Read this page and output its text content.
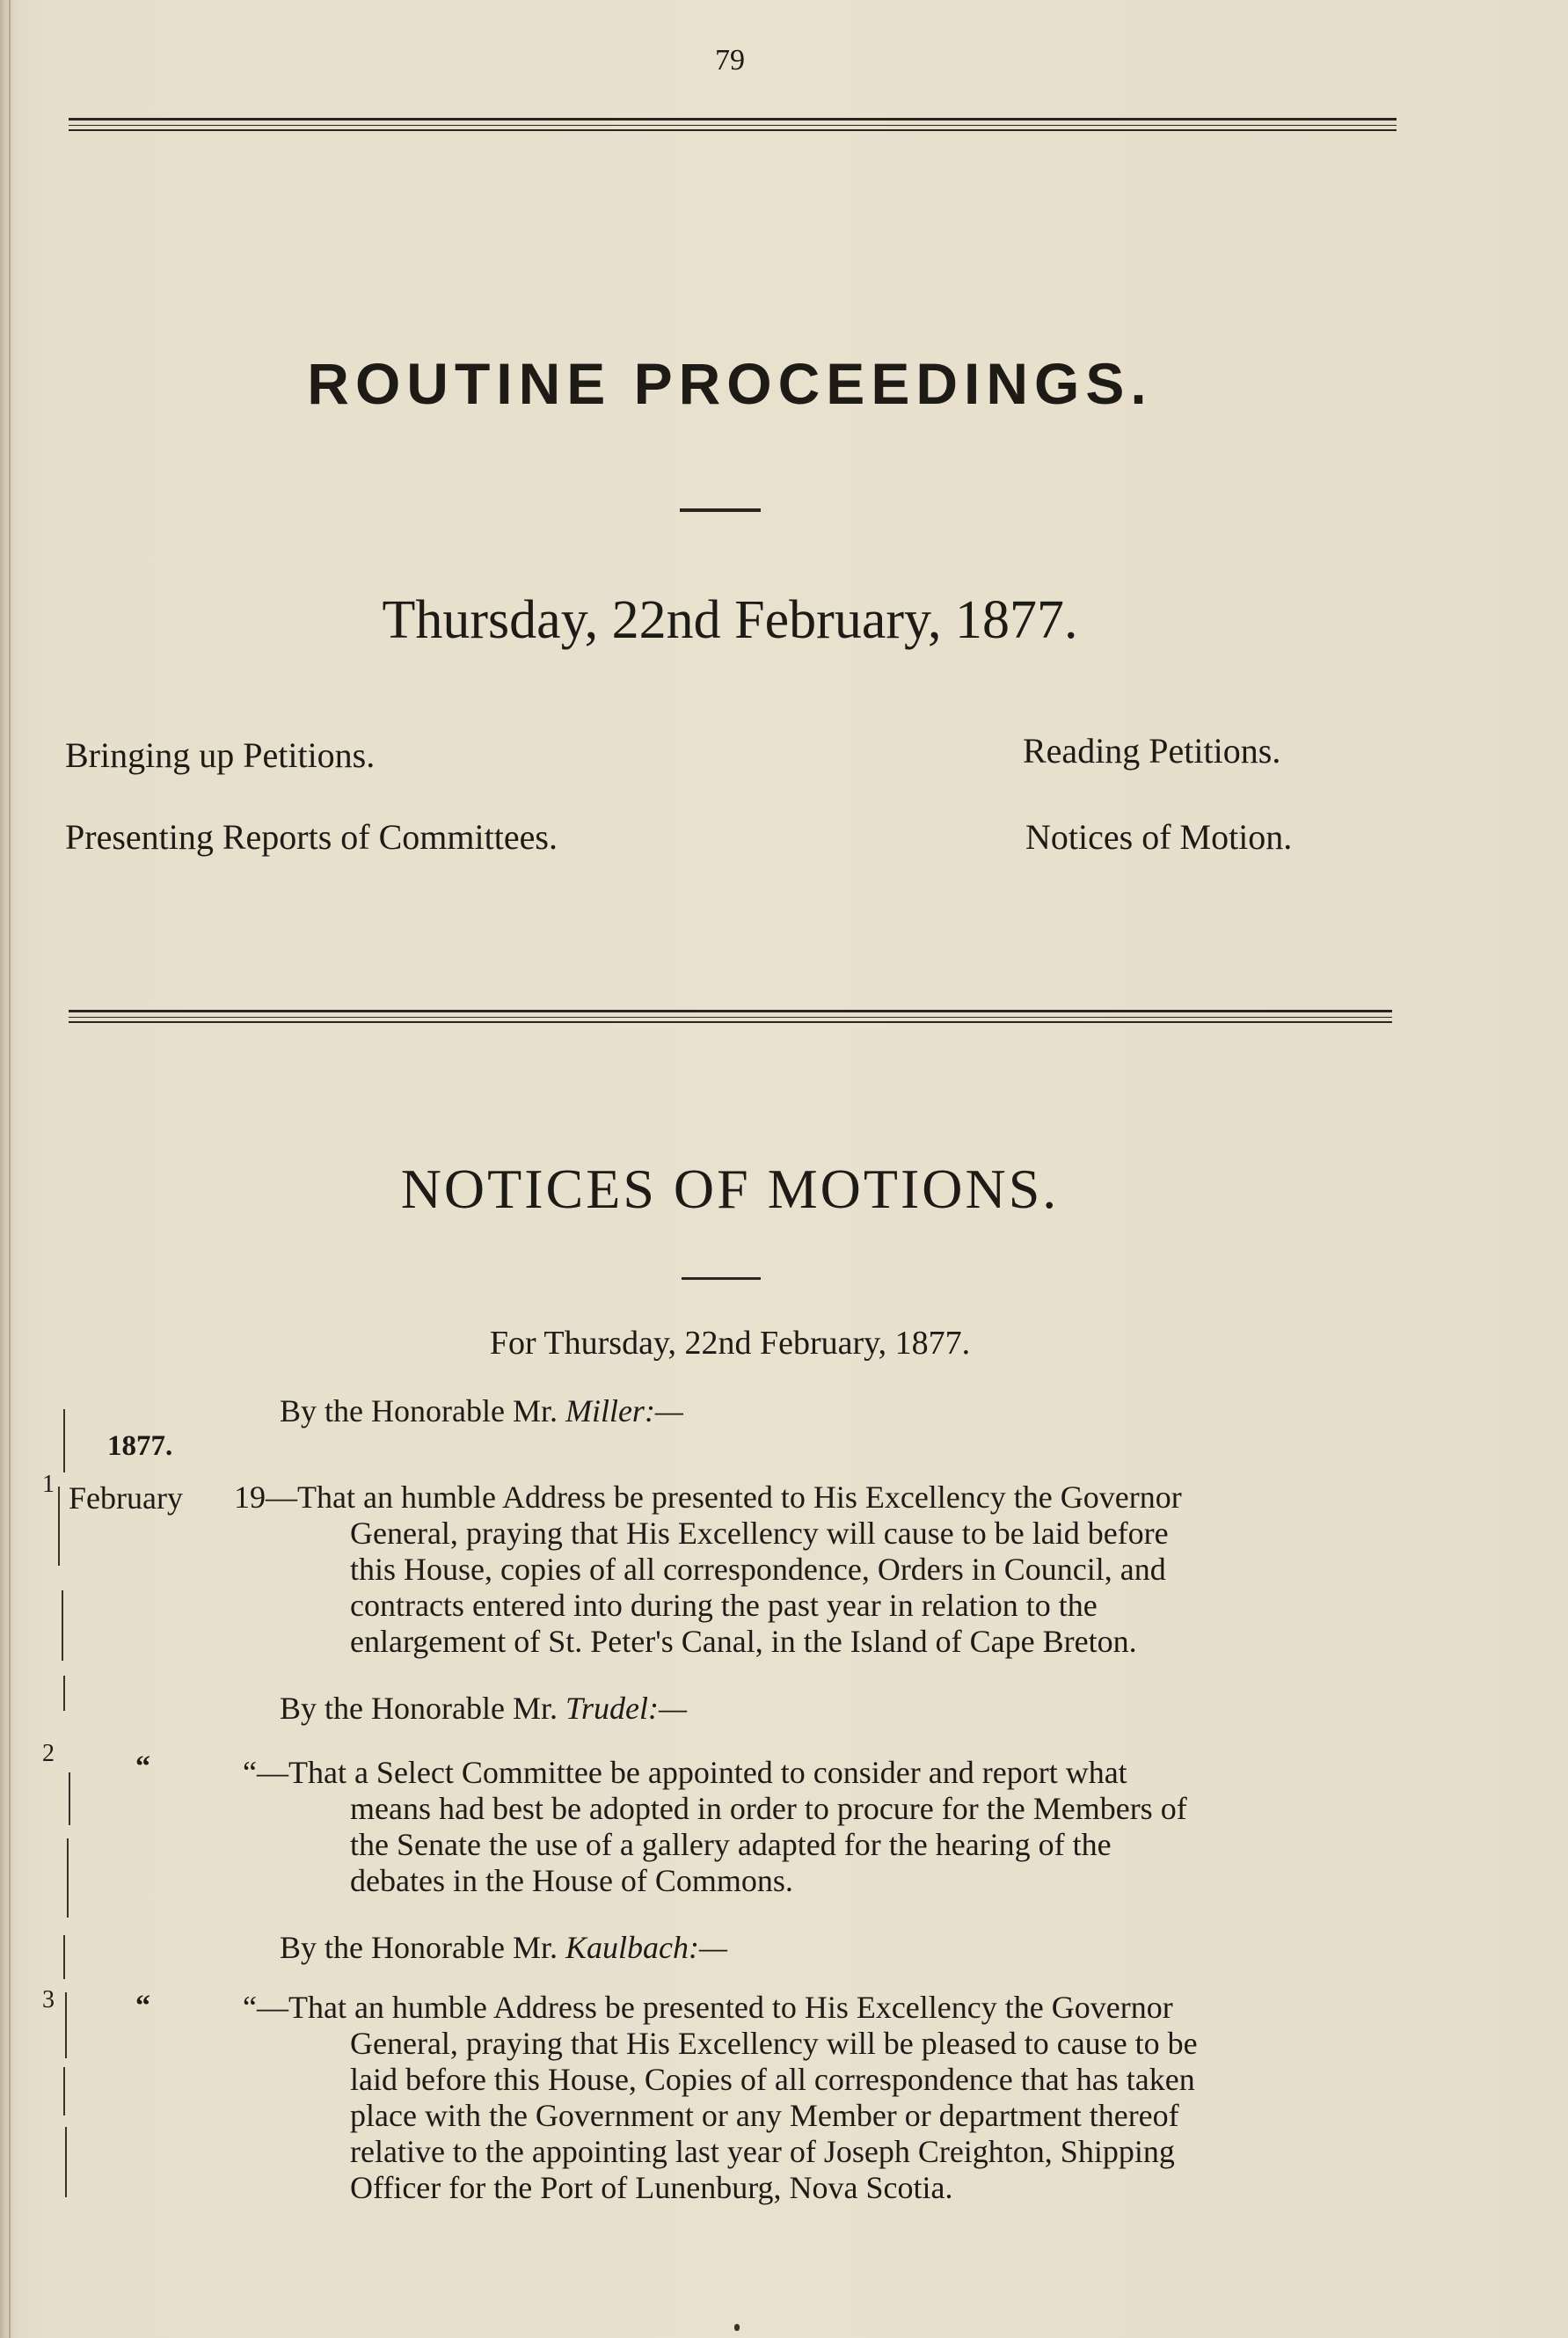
79
ROUTINE PROCEEDINGS.
Thursday, 22nd February, 1877.
Bringing up Petitions.	Reading Petitions.
Presenting Reports of Committees.	Notices of Motion.
NOTICES OF MOTIONS.
For Thursday, 22nd February, 1877.
1877.
By the Honorable Mr. Miller:—
1 February 19—That an humble Address be presented to His Excellency the Governor
General, praying that His Excellency will cause to be laid before
this House, copies of all correspondence, Orders in Council, and
contracts entered into during the past year in relation to the
enlargement of St. Peter's Canal, in the Island of Cape Breton.
By the Honorable Mr. Trudel:—
2	“	“—That a Select Committee be appointed to consider and report what
means had best be adopted in order to procure for the Members of
the Senate the use of a gallery adapted for the hearing of the
debates in the House of Commons.
By the Honorable Mr. Kaulbach:—
3	“	“—That an humble Address be presented to His Excellency the Governor
General, praying that His Excellency will be pleased to cause to be
laid before this House, Copies of all correspondence that has taken
place with the Government or any Member or department thereof
relative to the appointing last year of Joseph Creighton, Shipping
Officer for the Port of Lunenburg, Nova Scotia.
